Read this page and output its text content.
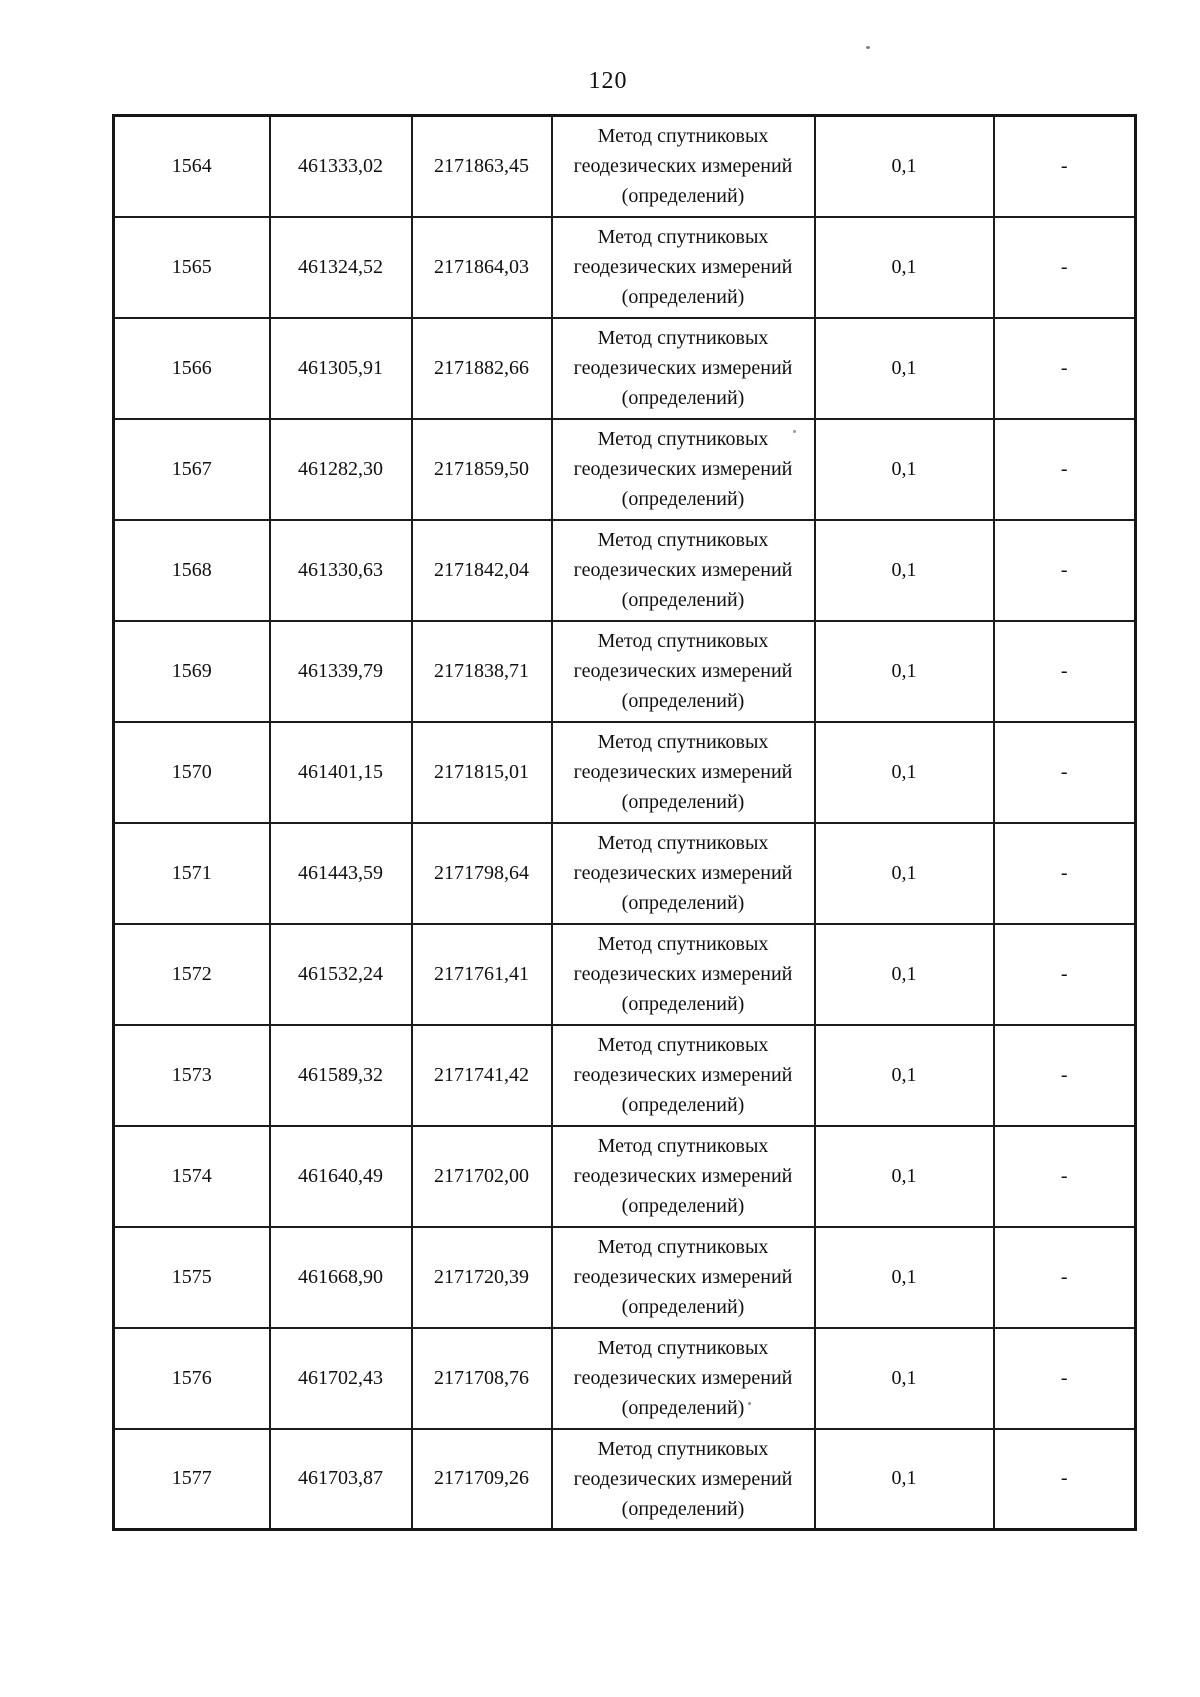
120
1564	461333,02	2171863,45	Метод спутниковых геодезических измерений (определений)	0,1	-
1565	461324,52	2171864,03	Метод спутниковых геодезических измерений (определений)	0,1	-
1566	461305,91	2171882,66	Метод спутниковых геодезических измерений (определений)	0,1	-
1567	461282,30	2171859,50	Метод спутниковых геодезических измерений (определений)	0,1	-
1568	461330,63	2171842,04	Метод спутниковых геодезических измерений (определений)	0,1	-
1569	461339,79	2171838,71	Метод спутниковых геодезических измерений (определений)	0,1	-
1570	461401,15	2171815,01	Метод спутниковых геодезических измерений (определений)	0,1	-
1571	461443,59	2171798,64	Метод спутниковых геодезических измерений (определений)	0,1	-
1572	461532,24	2171761,41	Метод спутниковых геодезических измерений (определений)	0,1	-
1573	461589,32	2171741,42	Метод спутниковых геодезических измерений (определений)	0,1	-
1574	461640,49	2171702,00	Метод спутниковых геодезических измерений (определений)	0,1	-
1575	461668,90	2171720,39	Метод спутниковых геодезических измерений (определений)	0,1	-
1576	461702,43	2171708,76	Метод спутниковых геодезических измерений (определений)	0,1	-
1577	461703,87	2171709,26	Метод спутниковых геодезических измерений (определений)	0,1	-
